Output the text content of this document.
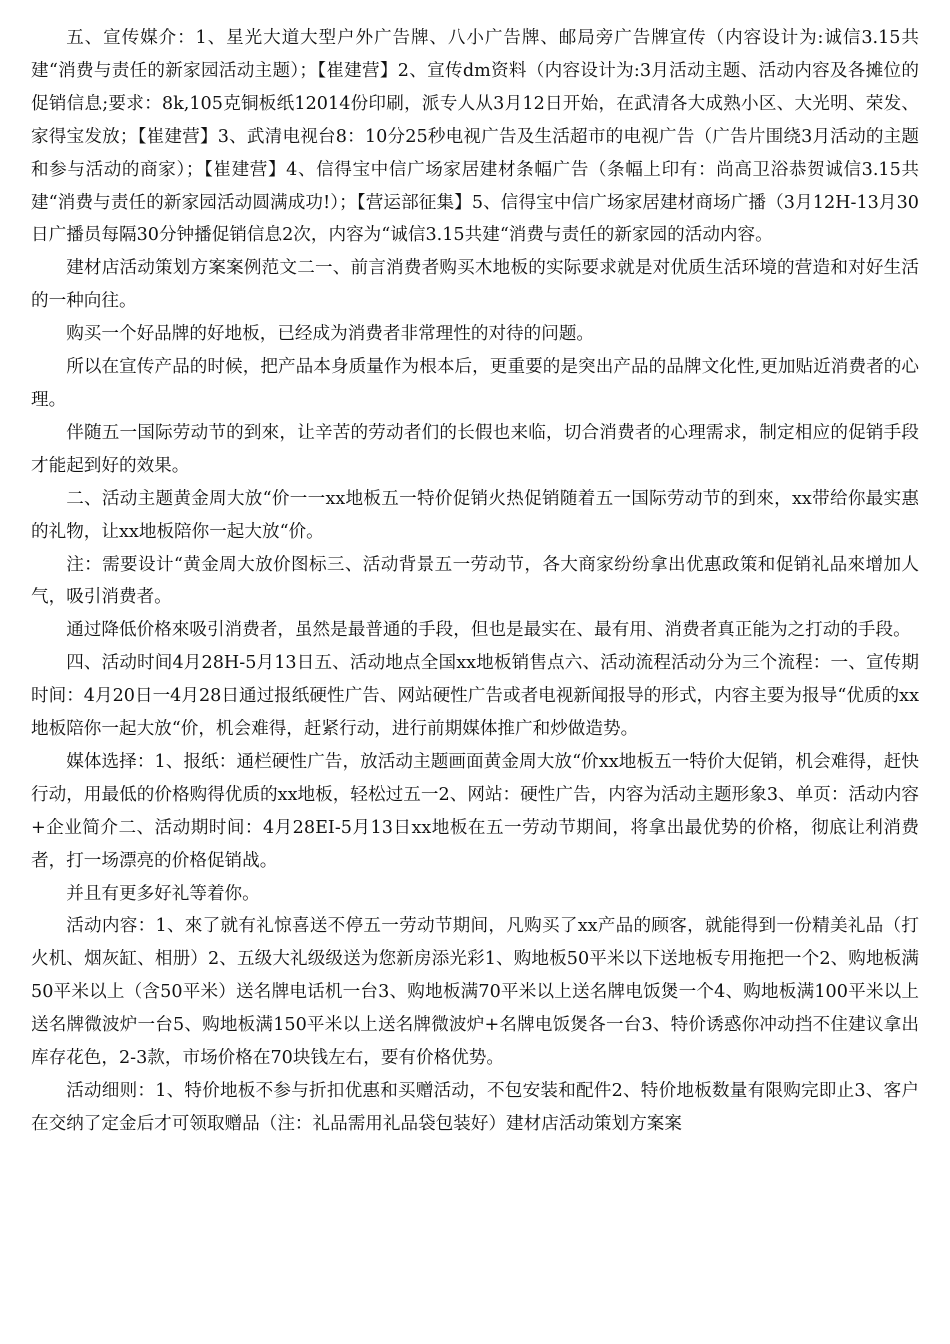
五、宣传媒介：1、星光大道大型户外广告牌、八小广告牌、邮局旁广告牌宣传（内容设计为:诚信3.15共建“消费与责任的新家园活动主题）；【崔建营】2、宣传dm资料（内容设计为:3月活动主题、活动内容及各摊位的促销信息;要求：8k,105克铜板纸12014份印刷，派专人从3月12日开始，在武清各大成熟小区、大光明、荣发、家得宝发放；【崔建营】3、武清电视台8：10分25秒电视广告及生活超市的电视广告（广告片围绕3月活动的主题和参与活动的商家）；【崔建营】4、信得宝中信广场家居建材条幅广告（条幅上印有：尚高卫浴恭贺诚信3.15共建“消费与责任的新家园活动圆满成功!）；【营运部征集】5、信得宝中信广场家居建材商场广播（3月12H-13月30日广播员每隔30分钟播促销信息2次，内容为“诚信3.15共建“消费与责任的新家园的活动内容。

建材店活动策划方案案例范文二一、前言消费者购买木地板的实际要求就是对优质生活环境的营造和对好生活的一种向往。

购买一个好品牌的好地板，已经成为消费者非常理性的对待的问题。

所以在宣传产品的时候，把产品本身质量作为根本后，更重要的是突出产品的品牌文化性,更加贴近消费者的心理。

伴随五一国际劳动节的到來，让辛苦的劳动者们的长假也来临，切合消费者的心理需求，制定相应的促销手段才能起到好的效果。

二、活动主题黄金周大放“价一一xx地板五一特价促销火热促销随着五一国际劳动节的到來，xx带给你最实惠的礼物，让xx地板陪你一起大放“价。

注：需要设计“黄金周大放价图标三、活动背景五一劳动节，各大商家纷纷拿出优惠政策和促销礼品來增加人气，吸引消费者。

通过降低价格來吸引消费者，虽然是最普通的手段，但也是最实在、最有用、消费者真正能为之打动的手段。

四、活动时间4月28H-5月13日五、活动地点全国xx地板销售点六、活动流程活动分为三个流程：一、宣传期时间：4月20日一4月28日通过报纸硬性广告、网站硬性广告或者电视新闻报导的形式，内容主要为报导“优质的xx地板陪你一起大放“价，机会难得，赶紧行动，进行前期媒体推广和炒做造势。

媒体选择：1、报纸：通栏硬性广告，放活动主题画面黄金周大放“价xx地板五一特价大促销，机会难得，赶快行动，用最低的价格购得优质的xx地板，轻松过五一2、网站：硬性广告，内容为活动主题形象3、单页：活动内容+企业简介二、活动期时间：4月28EI-5月13日xx地板在五一劳动节期间，将拿出最优势的价格，彻底让利消费者，打一场漂亮的价格促销战。

并且有更多好礼等着你。

活动内容：1、來了就有礼惊喜送不停五一劳动节期间，凡购买了xx产品的顾客，就能得到一份精美礼品（打火机、烟灰缸、相册）2、五级大礼级级送为您新房添光彩1、购地板50平米以下送地板专用拖把一个2、购地板满50平米以上（含50平米）送名牌电话机一台3、购地板满70平米以上送名牌电饭煲一个4、购地板满100平米以上送名牌微波炉一台5、购地板满150平米以上送名牌微波炉+名牌电饭煲各一台3、特价诱惑你冲动挡不住建议拿出库存花色，2-3款，市场价格在70块钱左右，要有价格优势。

活动细则：1、特价地板不参与折扣优惠和买赠活动，不包安装和配件2、特价地板数量有限购完即止3、客户在交纳了定金后才可领取赠品（注：礼品需用礼品袋包装好）建材店活动策划方案案
